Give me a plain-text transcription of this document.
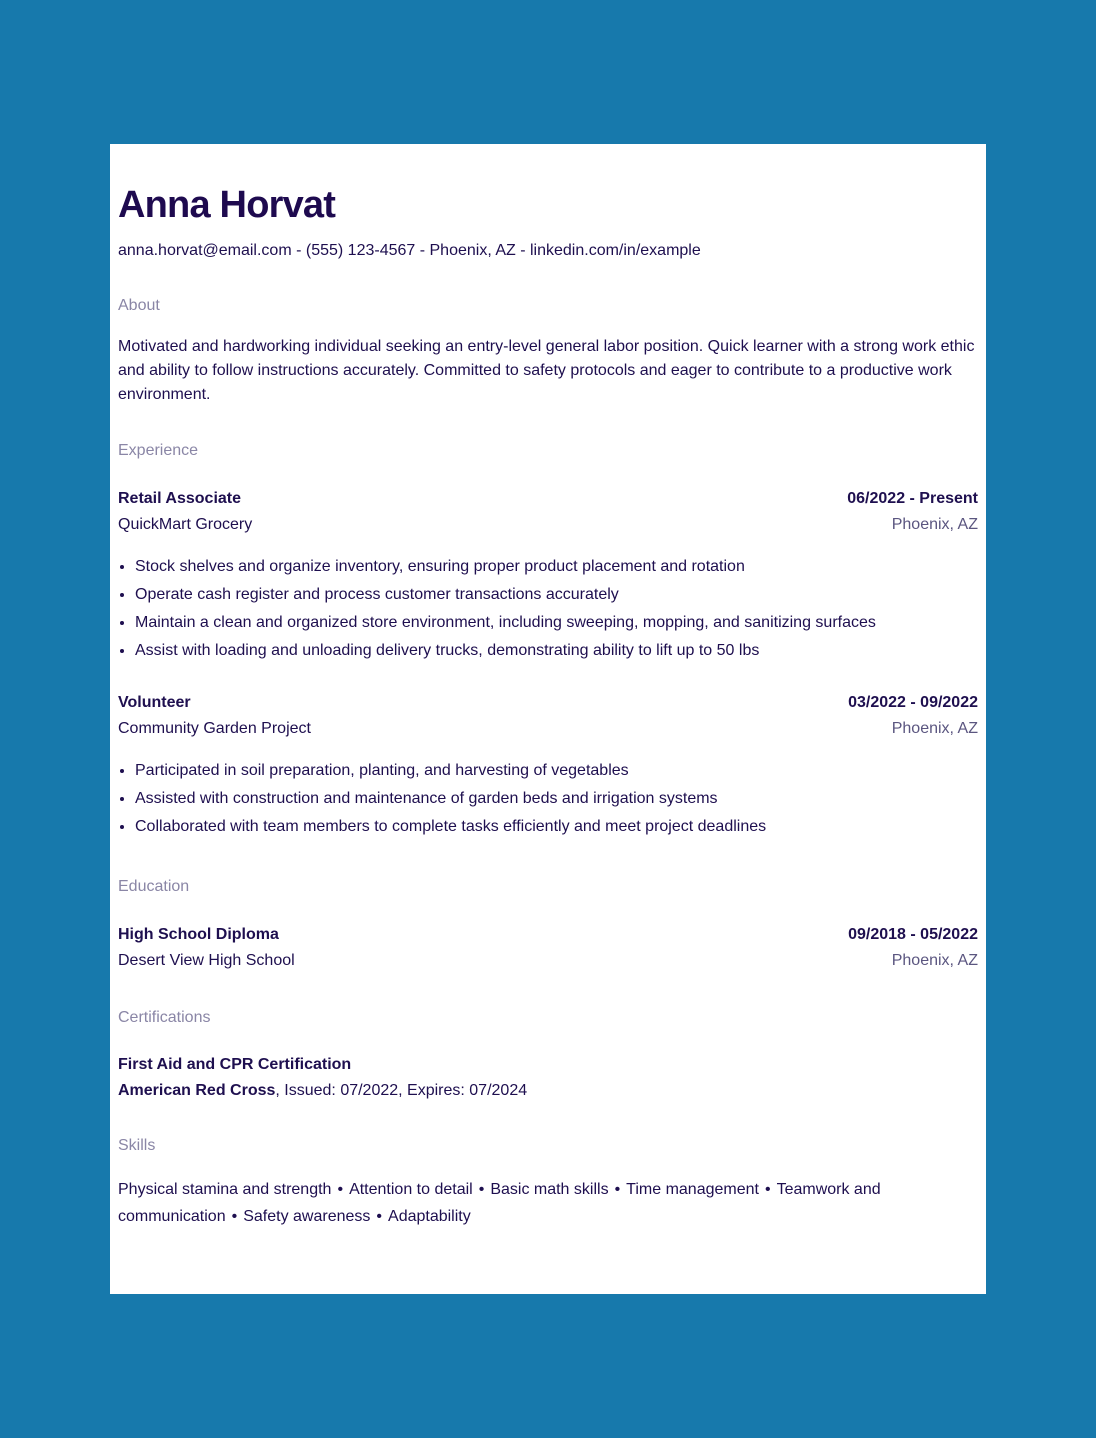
Anna Horvat
anna.horvat@email.com - (555) 123-4567 - Phoenix, AZ - linkedin.com/in/example
About
Motivated and hardworking individual seeking an entry-level general labor position. Quick learner with a strong work ethic and ability to follow instructions accurately. Committed to safety protocols and eager to contribute to a productive work environment.
Experience
Retail Associate	06/2022 - Present
QuickMart Grocery	Phoenix, AZ
• Stock shelves and organize inventory, ensuring proper product placement and rotation
• Operate cash register and process customer transactions accurately
• Maintain a clean and organized store environment, including sweeping, mopping, and sanitizing surfaces
• Assist with loading and unloading delivery trucks, demonstrating ability to lift up to 50 lbs
Volunteer	03/2022 - 09/2022
Community Garden Project	Phoenix, AZ
• Participated in soil preparation, planting, and harvesting of vegetables
• Assisted with construction and maintenance of garden beds and irrigation systems
• Collaborated with team members to complete tasks efficiently and meet project deadlines
Education
High School Diploma	09/2018 - 05/2022
Desert View High School	Phoenix, AZ
Certifications
First Aid and CPR Certification
American Red Cross, Issued: 07/2022, Expires: 07/2024
Skills
Physical stamina and strength • Attention to detail • Basic math skills • Time management • Teamwork and communication • Safety awareness • Adaptability
